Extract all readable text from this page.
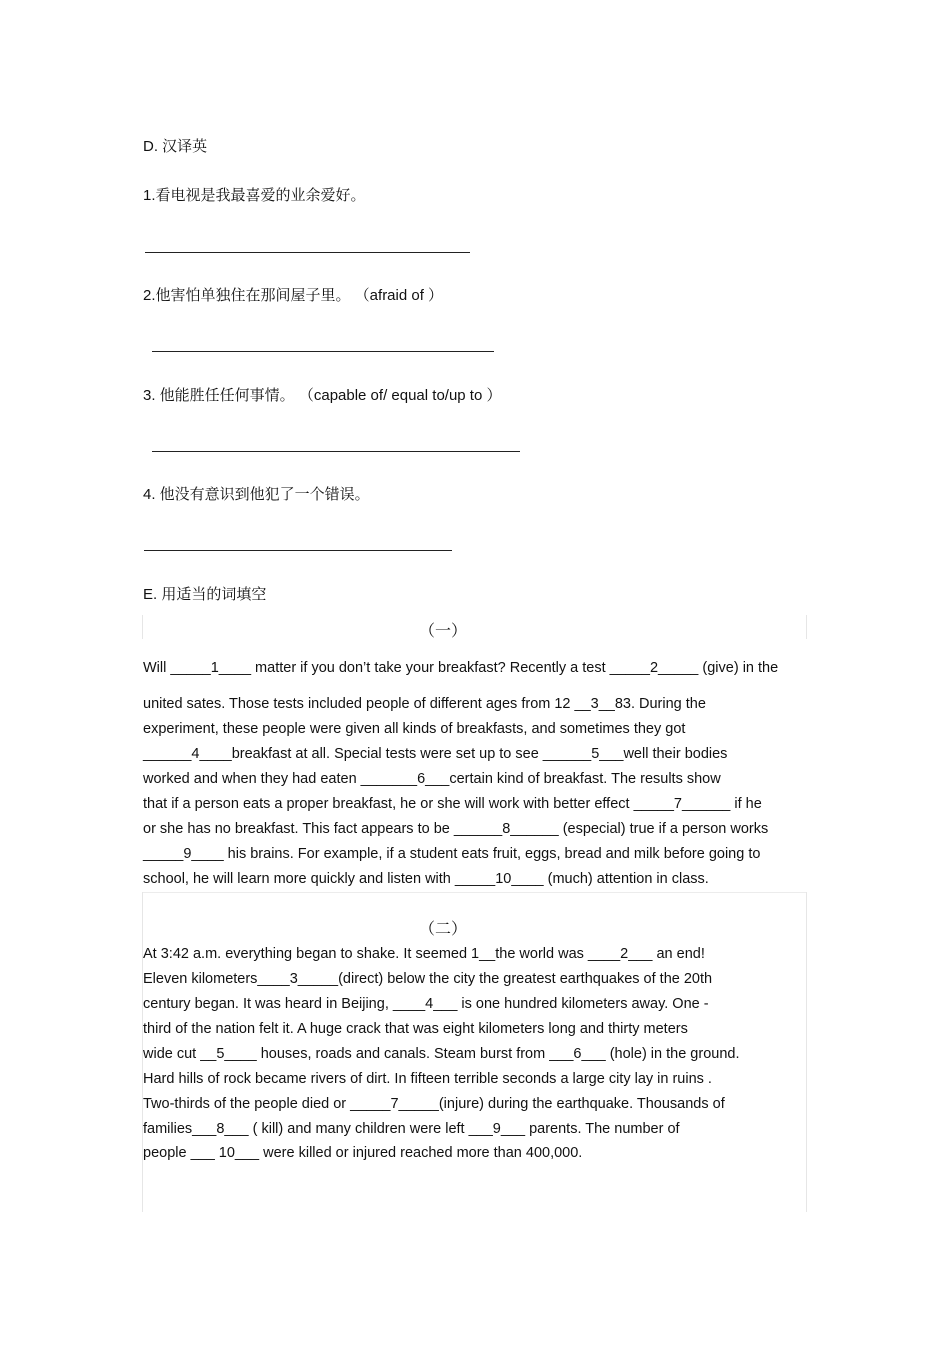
D. 汉译英
1.看电视是我最喜爱的业余爱好。
2.他害怕单独住在那间屋子里。 （afraid of ）
3. 他能胜任任何事情。 （capable of/ equal to/up to ）
4. 他没有意识到他犯了一个错误。
E. 用适当的词填空
（一）
Will _____1____ matter if you don’t take your breakfast? Recently a test _____2_____ (give) in the
united sates. Those tests included people of different ages from 12 __3__83. During the
experiment, these people were given all kinds of breakfasts, and sometimes they got
______4____breakfast at all. Special tests were set up to see ______5___well their bodies
worked and when they had eaten _______6___certain kind of breakfast. The results show
that if a person eats a proper breakfast, he or she will work with better effect _____7______ if he
or she has no breakfast. This fact appears to be ______8______ (especial) true if a person works
_____9____ his brains. For example, if a student eats fruit, eggs, bread and milk before going to
school, he will learn more quickly and listen with _____10____ (much) attention in class.
（二）
At 3:42 a.m. everything began to shake. It seemed 1__the world was ____2___ an end!
Eleven kilometers____3_____(direct) below the city the greatest earthquakes of the 20th
century began. It was heard in Beijing, ____4___ is one hundred kilometers away. One -
third of the nation felt it. A huge crack that was eight kilometers long and thirty meters
wide cut __5____ houses, roads and canals. Steam burst from ___6___ (hole) in the ground.
Hard hills of rock became rivers of dirt. In fifteen terrible seconds a large city lay in ruins .
Two-thirds of the people died or _____7_____(injure) during the earthquake. Thousands of
families___8___ ( kill) and many children were left ___9___ parents. The number of
people ___ 10___ were killed or injured reached more than 400,000.
